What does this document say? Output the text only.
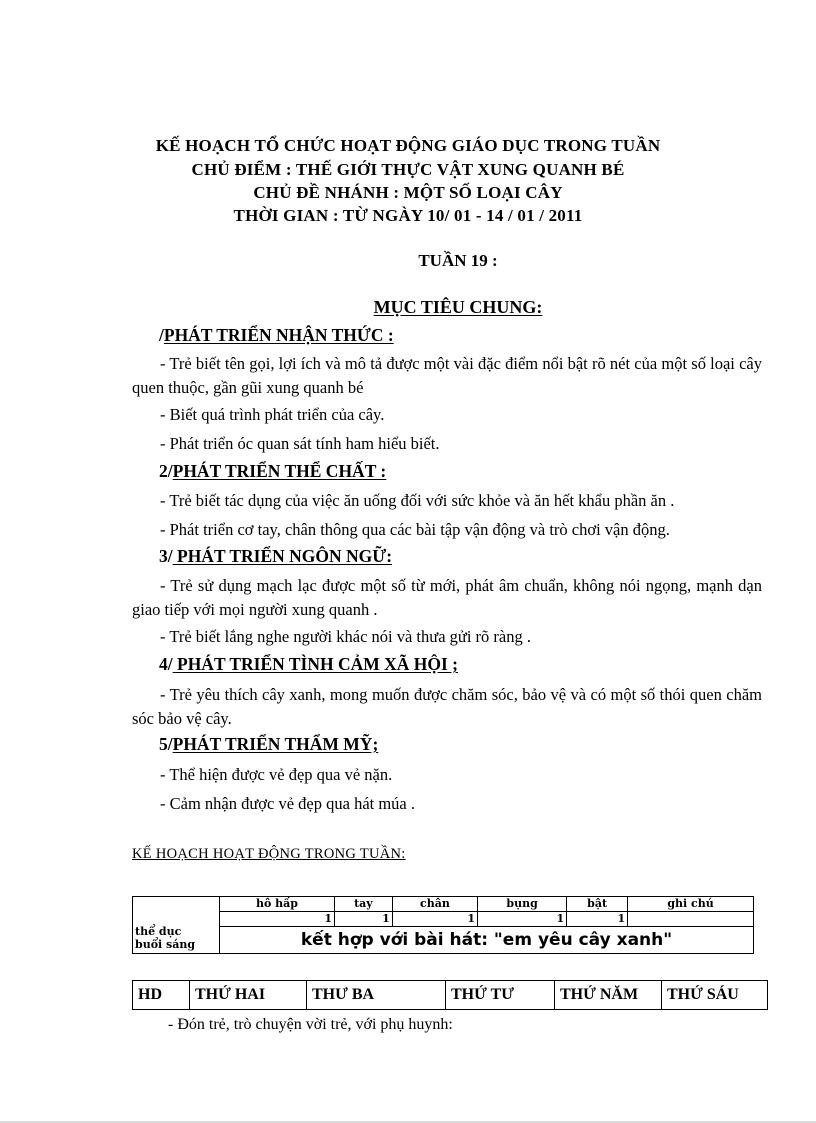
KẾ HOẠCH TỔ CHỨC HOẠT ĐỘNG GIÁO DỤC TRONG TUẦN
CHỦ ĐIỂM : THẾ GIỚI THỰC VẬT XUNG QUANH BÉ
CHỦ ĐỀ NHÁNH : MỘT SỐ LOẠI CÂY
THỜI GIAN : TỪ NGÀY 10/ 01 - 14 / 01 / 2011
TUẦN 19 :
MỤC TIÊU CHUNG:
/PHÁT TRIỂN NHẬN THỨC :
- Trẻ biết tên gọi, lợi ích và mô tả được một vài đặc điểm nổi bật rõ nét của một số loại cây quen thuộc, gần gũi xung quanh bé
- Biết quá trình phát triển của cây.
- Phát triển óc quan sát tính ham hiểu biết.
2/PHÁT TRIỂN THỂ CHẤT :
- Trẻ biết tác dụng của việc ăn uống đối với sức khỏe và ăn hết khẩu phần ăn .
- Phát triển cơ tay, chân thông qua các bài tập vận động và trò chơi vận động.
3/ PHÁT TRIỂN NGÔN NGỮ:
- Trẻ sử dụng mạch lạc được một số từ mới, phát âm chuẩn, không nói ngọng, mạnh dạn giao tiếp với mọi người xung quanh .
- Trẻ biết lắng nghe người khác nói và thưa gửi rõ ràng .
4/ PHÁT TRIỂN TÌNH CẢM XÃ HỘI ;
- Trẻ yêu thích cây xanh, mong muốn được chăm sóc, bảo vệ và có một số thói quen chăm sóc bảo vệ cây.
5/PHÁT TRIỂN THẨM MỸ;
- Thể hiện được vẻ đẹp qua vẻ nặn.
- Cảm nhận được vẻ đẹp qua hát múa .
KẾ HOẠCH HOẠT ĐỘNG TRONG TUẦN:
thể dục
buổi sáng	hô hấp	tay	chân	bụng	bật	ghi chú
	1	1	1	1	1	
	kết hợp với bài hát: "em yêu cây xanh"					
HD	THỨ HAI	THƯ BA	THỨ TƯ	THỨ NĂM	THỨ SÁU
- Đón trẻ, trò chuyện vời trẻ, với phụ huynh:
